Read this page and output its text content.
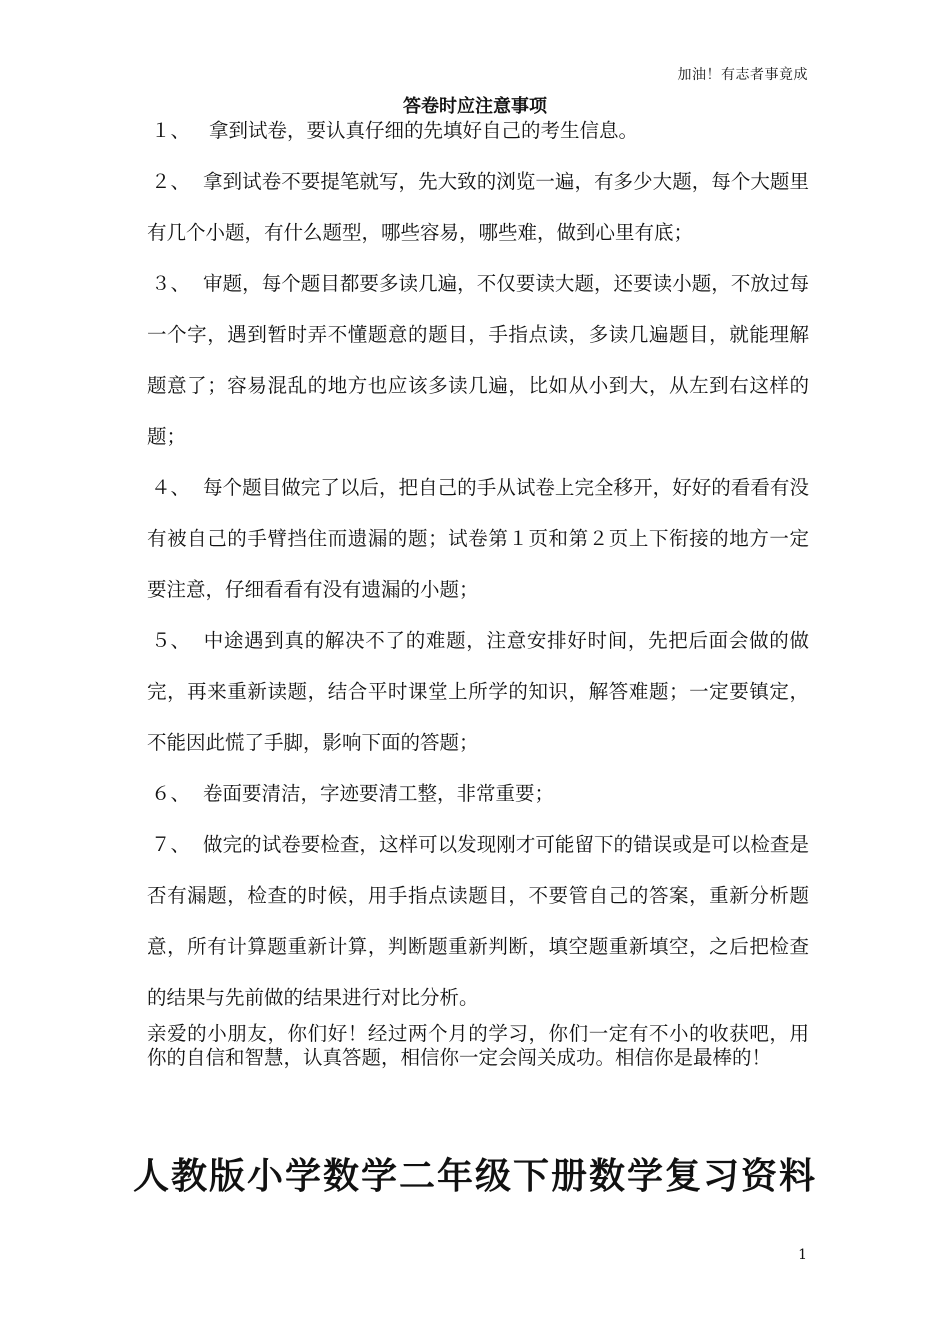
加油！有志者事竟成
答卷时应注意事项
１、 拿到试卷，要认真仔细的先填好自己的考生信息。
２、 拿到试卷不要提笔就写，先大致的浏览一遍，有多少大题，每个大题里有几个小题，有什么题型，哪些容易，哪些难，做到心里有底；
３、 审题，每个题目都要多读几遍，不仅要读大题，还要读小题，不放过每一个字，遇到暂时弄不懂题意的题目，手指点读，多读几遍题目，就能理解题意了；容易混乱的地方也应该多读几遍，比如从小到大，从左到右这样的题；
４、 每个题目做完了以后，把自己的手从试卷上完全移开，好好的看看有没有被自己的手臂挡住而遗漏的题；试卷第１页和第２页上下衔接的地方一定要注意，仔细看看有没有遗漏的小题；
５、 中途遇到真的解决不了的难题，注意安排好时间，先把后面会做的做完，再来重新读题，结合平时课堂上所学的知识，解答难题；一定要镇定，不能因此慌了手脚，影响下面的答题；
６、 卷面要清洁，字迹要清工整，非常重要；
７、 做完的试卷要检查，这样可以发现刚才可能留下的错误或是可以检查是否有漏题，检查的时候，用手指点读题目，不要管自己的答案，重新分析题意，所有计算题重新计算，判断题重新判断，填空题重新填空，之后把检查的结果与先前做的结果进行对比分析。

亲爱的小朋友，你们好！经过两个月的学习，你们一定有不小的收获吧，用你的自信和智慧，认真答题，相信你一定会闯关成功。相信你是最棒的！

人教版小学数学二年级下册数学复习资料
1
